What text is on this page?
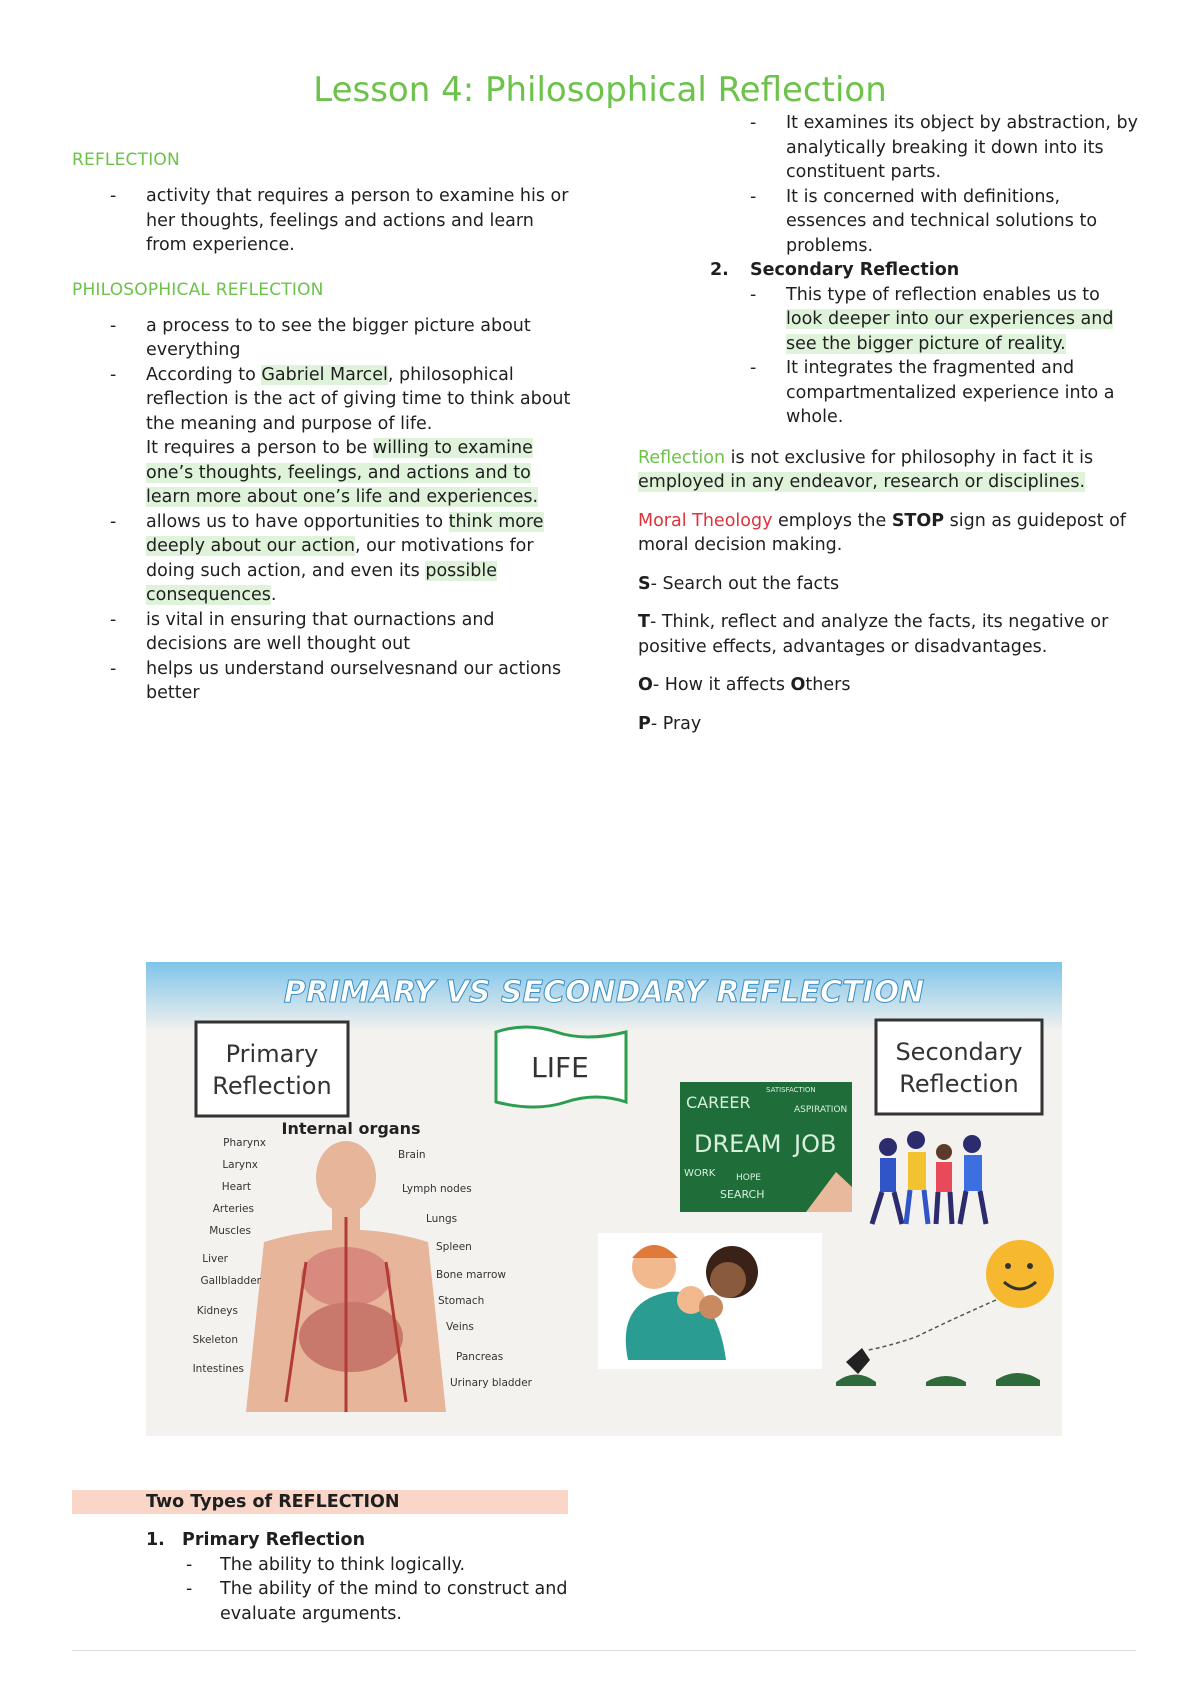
Lesson 4: Philosophical Reflection
REFLECTION
- activity that requires a person to examine his or her thoughts, feelings and actions and learn from experience.
PHILOSOPHICAL REFLECTION
- a process to to see the bigger picture about everything
- According to Gabriel Marcel, philosophical reflection is the act of giving time to think about the meaning and purpose of life.
It requires a person to be willing to examine one’s thoughts, feelings, and actions and to learn more about one’s life and experiences.
- allows us to have opportunities to think more deeply about our action, our motivations for doing such action, and even its possible consequences.
- is vital in ensuring that ournactions and decisions are well thought out
- helps us understand ourselvesnand our actions better
- It examines its object by abstraction, by analytically breaking it down into its constituent parts.
- It is concerned with definitions, essences and technical solutions to problems.
2. Secondary Reflection
- This type of reflection enables us to look deeper into our experiences and see the bigger picture of reality.
- It integrates the fragmented and compartmentalized experience into a whole.

Reflection is not exclusive for philosophy in fact it is employed in any endeavor, research or disciplines.

Moral Theology employs the STOP sign as guidepost of moral decision making.

S- Search out the facts

T- Think, reflect and analyze the facts, its negative or positive effects, advantages or disadvantages.

O- How it affects Others

P- Pray

PRIMARY VS SECONDARY REFLECTION
Primary
Reflection
LIFE	Secondary
Reflection
Internal organs
Pharynx
Larynx
Heart
Arteries
Muscles
Liver
Gallbladder
Kidneys
Skeleton
Intestines
Brain
Lymph nodes
Lungs
Spleen
Bone marrow
Stomach
Veins
Pancreas
Urinary bladder
CAREER
DREAM JOB
SEARCH
HOPE
WORK
ASPIRATION
SATISFACTION
Two Types of REFLECTION
1. Primary Reflection
- The ability to think logically.
- The ability of the mind to construct and evaluate arguments.
